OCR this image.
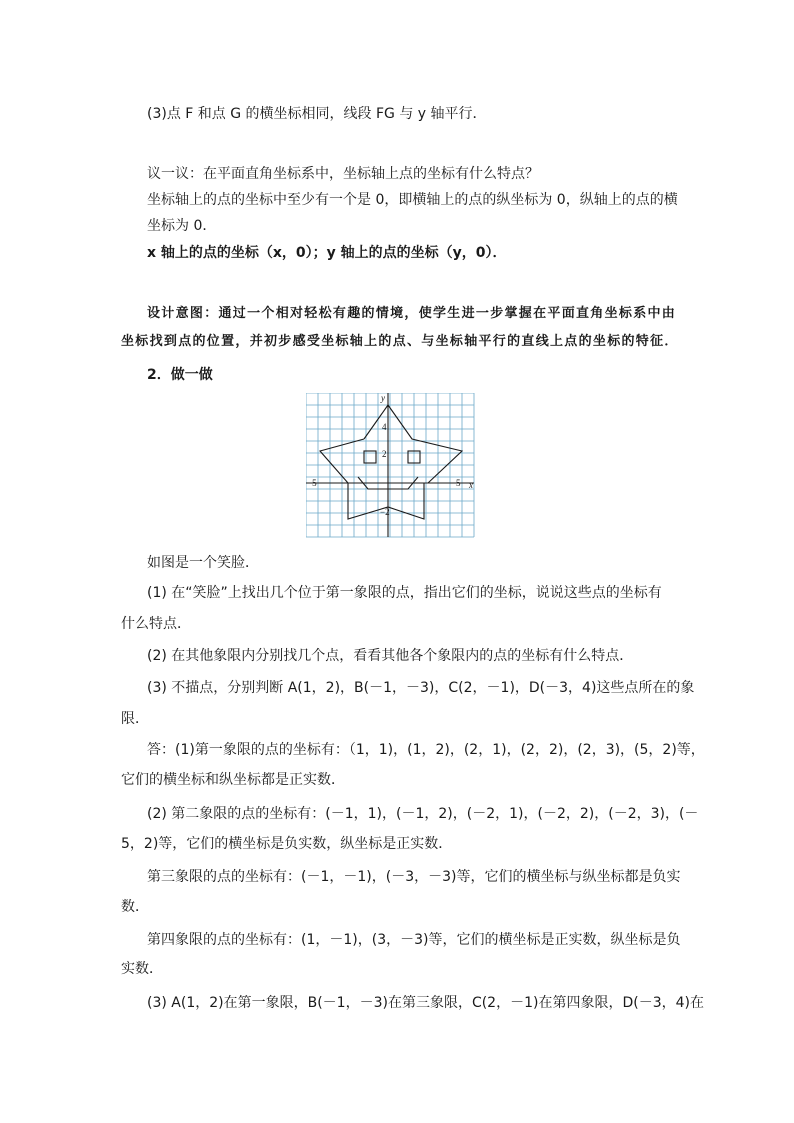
(3)点 F 和点 G 的横坐标相同，线段 FG 与 y 轴平行．
议一议：在平面直角坐标系中，坐标轴上点的坐标有什么特点？
坐标轴上的点的坐标中至少有一个是 0，即横轴上的点的纵坐标为 0，纵轴上的点的横
坐标为 0．
x 轴上的点的坐标（x，0）；y 轴上的点的坐标（y，0）．
设计意图：通过一个相对轻松有趣的情境，使学生进一步掌握在平面直角坐标系中由
坐标找到点的位置，并初步感受坐标轴上的点、与坐标轴平行的直线上点的坐标的特征．
2．做一做
y
x
4
2
−2
−5	5
如图是一个笑脸．
(1) 在“笑脸”上找出几个位于第一象限的点，指出它们的坐标，说说这些点的坐标有
什么特点．
(2) 在其他象限内分别找几个点，看看其他各个象限内的点的坐标有什么特点．
(3) 不描点，分别判断 A(1，2)，B(－1，－3)，C(2，－1)，D(－3，4)这些点所在的象
限．
答：(1)第一象限的点的坐标有：（1，1)，(1，2)，(2，1)，(2，2)，(2，3)，(5，2)等，
它们的横坐标和纵坐标都是正实数．
(2) 第二象限的点的坐标有：(－1，1)，(－1，2)，(－2，1)，(－2，2)，(－2，3)，(－
5，2)等，它们的横坐标是负实数，纵坐标是正实数．
第三象限的点的坐标有：(－1，－1)，(－3，－3)等，它们的横坐标与纵坐标都是负实
数．
第四象限的点的坐标有：(1，－1)，(3，－3)等，它们的横坐标是正实数，纵坐标是负
实数．
(3) A(1，2)在第一象限，B(－1，－3)在第三象限，C(2，－1)在第四象限，D(－3，4)在
